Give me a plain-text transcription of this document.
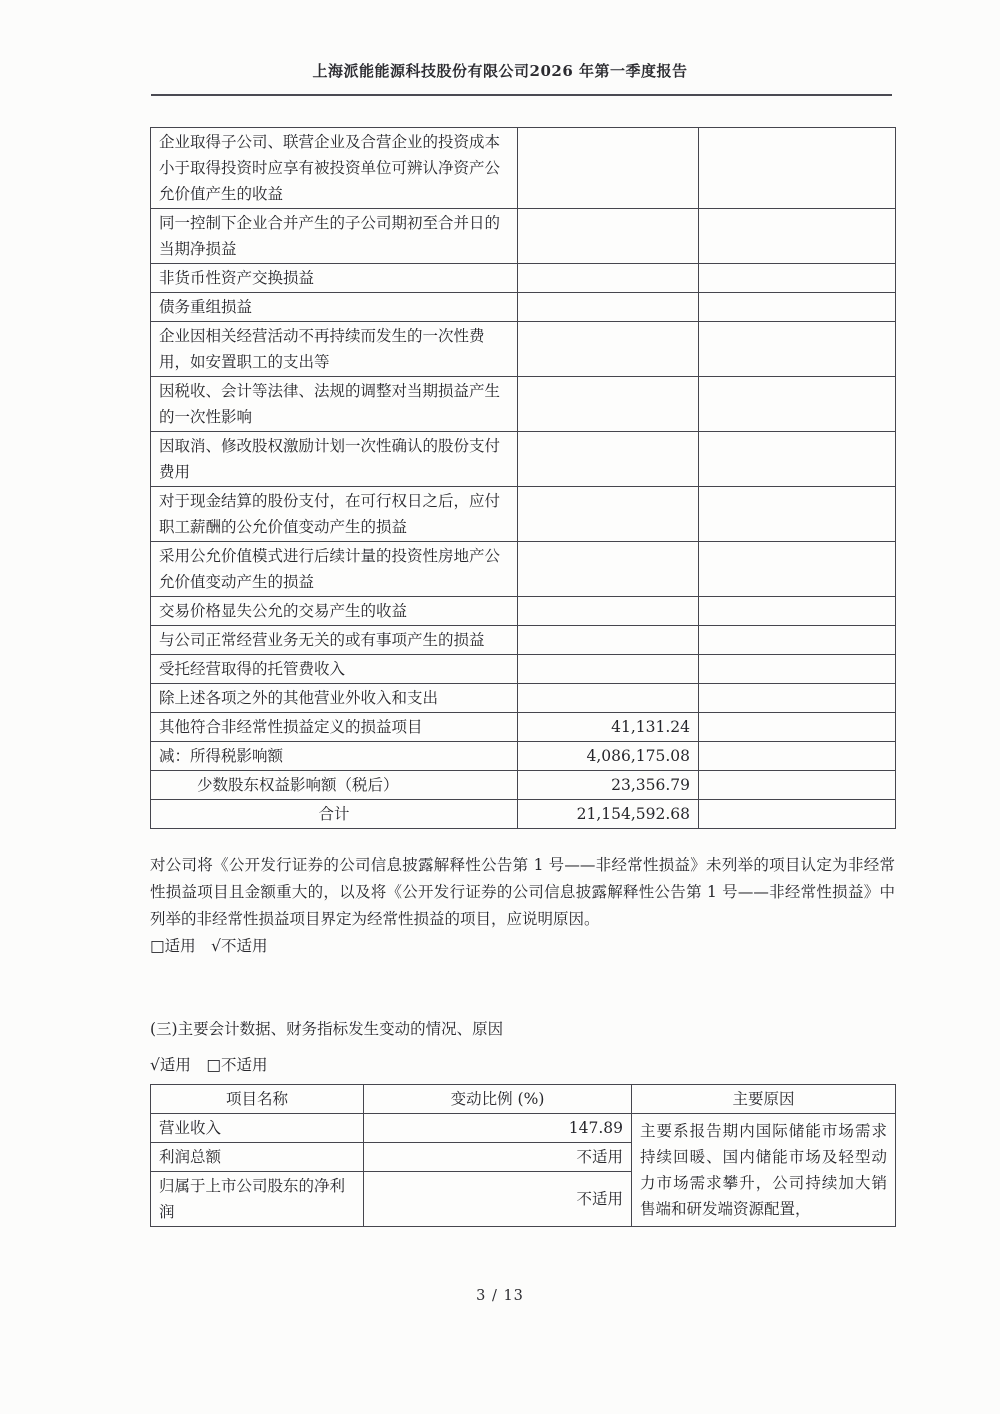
上海派能能源科技股份有限公司2026 年第一季度报告
企业取得子公司、联营企业及合营企业的投资成本小于取得投资时应享有被投资单位可辨认净资产公允价值产生的收益		
同一控制下企业合并产生的子公司期初至合并日的当期净损益		
非货币性资产交换损益		
债务重组损益		
企业因相关经营活动不再持续而发生的一次性费用，如安置职工的支出等		
因税收、会计等法律、法规的调整对当期损益产生的一次性影响		
因取消、修改股权激励计划一次性确认的股份支付费用		
对于现金结算的股份支付，在可行权日之后，应付职工薪酬的公允价值变动产生的损益		
采用公允价值模式进行后续计量的投资性房地产公允价值变动产生的损益		
交易价格显失公允的交易产生的收益		
与公司正常经营业务无关的或有事项产生的损益		
受托经营取得的托管费收入		
除上述各项之外的其他营业外收入和支出		
其他符合非经常性损益定义的损益项目	41,131.24	
减：所得税影响额	4,086,175.08	
少数股东权益影响额（税后）	23,356.79	
合计	21,154,592.68	
对公司将《公开发行证券的公司信息披露解释性公告第 1 号——非经常性损益》未列举的项目认定为非经常性损益项目且金额重大的，以及将《公开发行证券的公司信息披露解释性公告第 1 号——非经常性损益》中列举的非经常性损益项目界定为经常性损益的项目，应说明原因。
□适用　√不适用
(三)主要会计数据、财务指标发生变动的情况、原因
√适用　□不适用
项目名称	变动比例 (%)	主要原因
营业收入	147.89	主要系报告期内国际储能市场需求持续回暖、国内储能市场及轻型动力市场需求攀升，公司持续加大销售端和研发端资源配置，
利润总额	不适用	
归属于上市公司股东的净利润	不适用	
3 / 13
